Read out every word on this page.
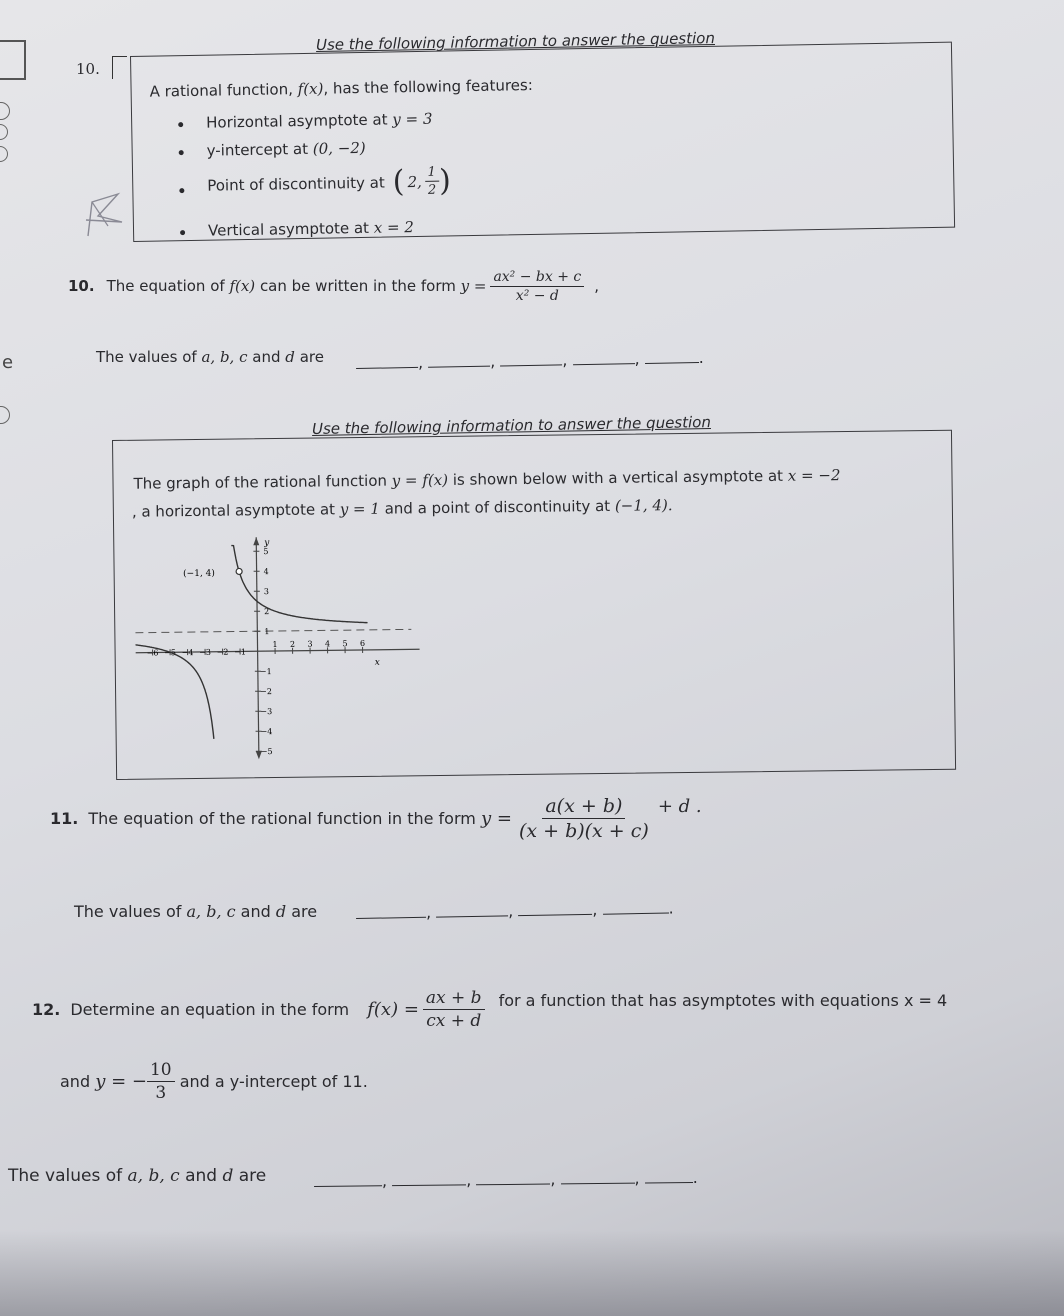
e
10.
Use the following information to answer the question
A rational function, f(x), has the following features:
Horizontal asymptote at y = 3
y-intercept at (0, −2)
Point of discontinuity at ( 2, $\frac{1}{2}$ )
Vertical asymptote at x = 2
10. The equation of
f(x)
can be written in the form
$y = \frac{\text{ax² − bx + c}}{\text{x² − d}}$ ,
The values of a, b, c and d are	,	,	,	,	.
Use the following information to answer the question
The graph of the rational function y = f(x) is shown below with a vertical asymptote at x = −2
, a horizontal asymptote at y = 1 and a point of discontinuity at (−1, 4).
y
x
−6 −5 −4 −3 −2 −1
1 2 3 4 5 6
1
2
3
4
5
−1
−2
−3
−4
−5
(−1, 4)
11. The equation of the rational function in the form
$y = \frac{a(x + b)}{(x + b)(x + c)} + d$ .
The values of a, b, c and d are	,	,	,	.
12. Determine an equation in the form
$f(x) = \frac{ax + b}{cx + d}$ for a function that has asymptotes with equations x = 4
and
y = − $\frac{10}{3}$
and a y-intercept of 11.
The values of a, b, c and d are	,	,	,	,	.
